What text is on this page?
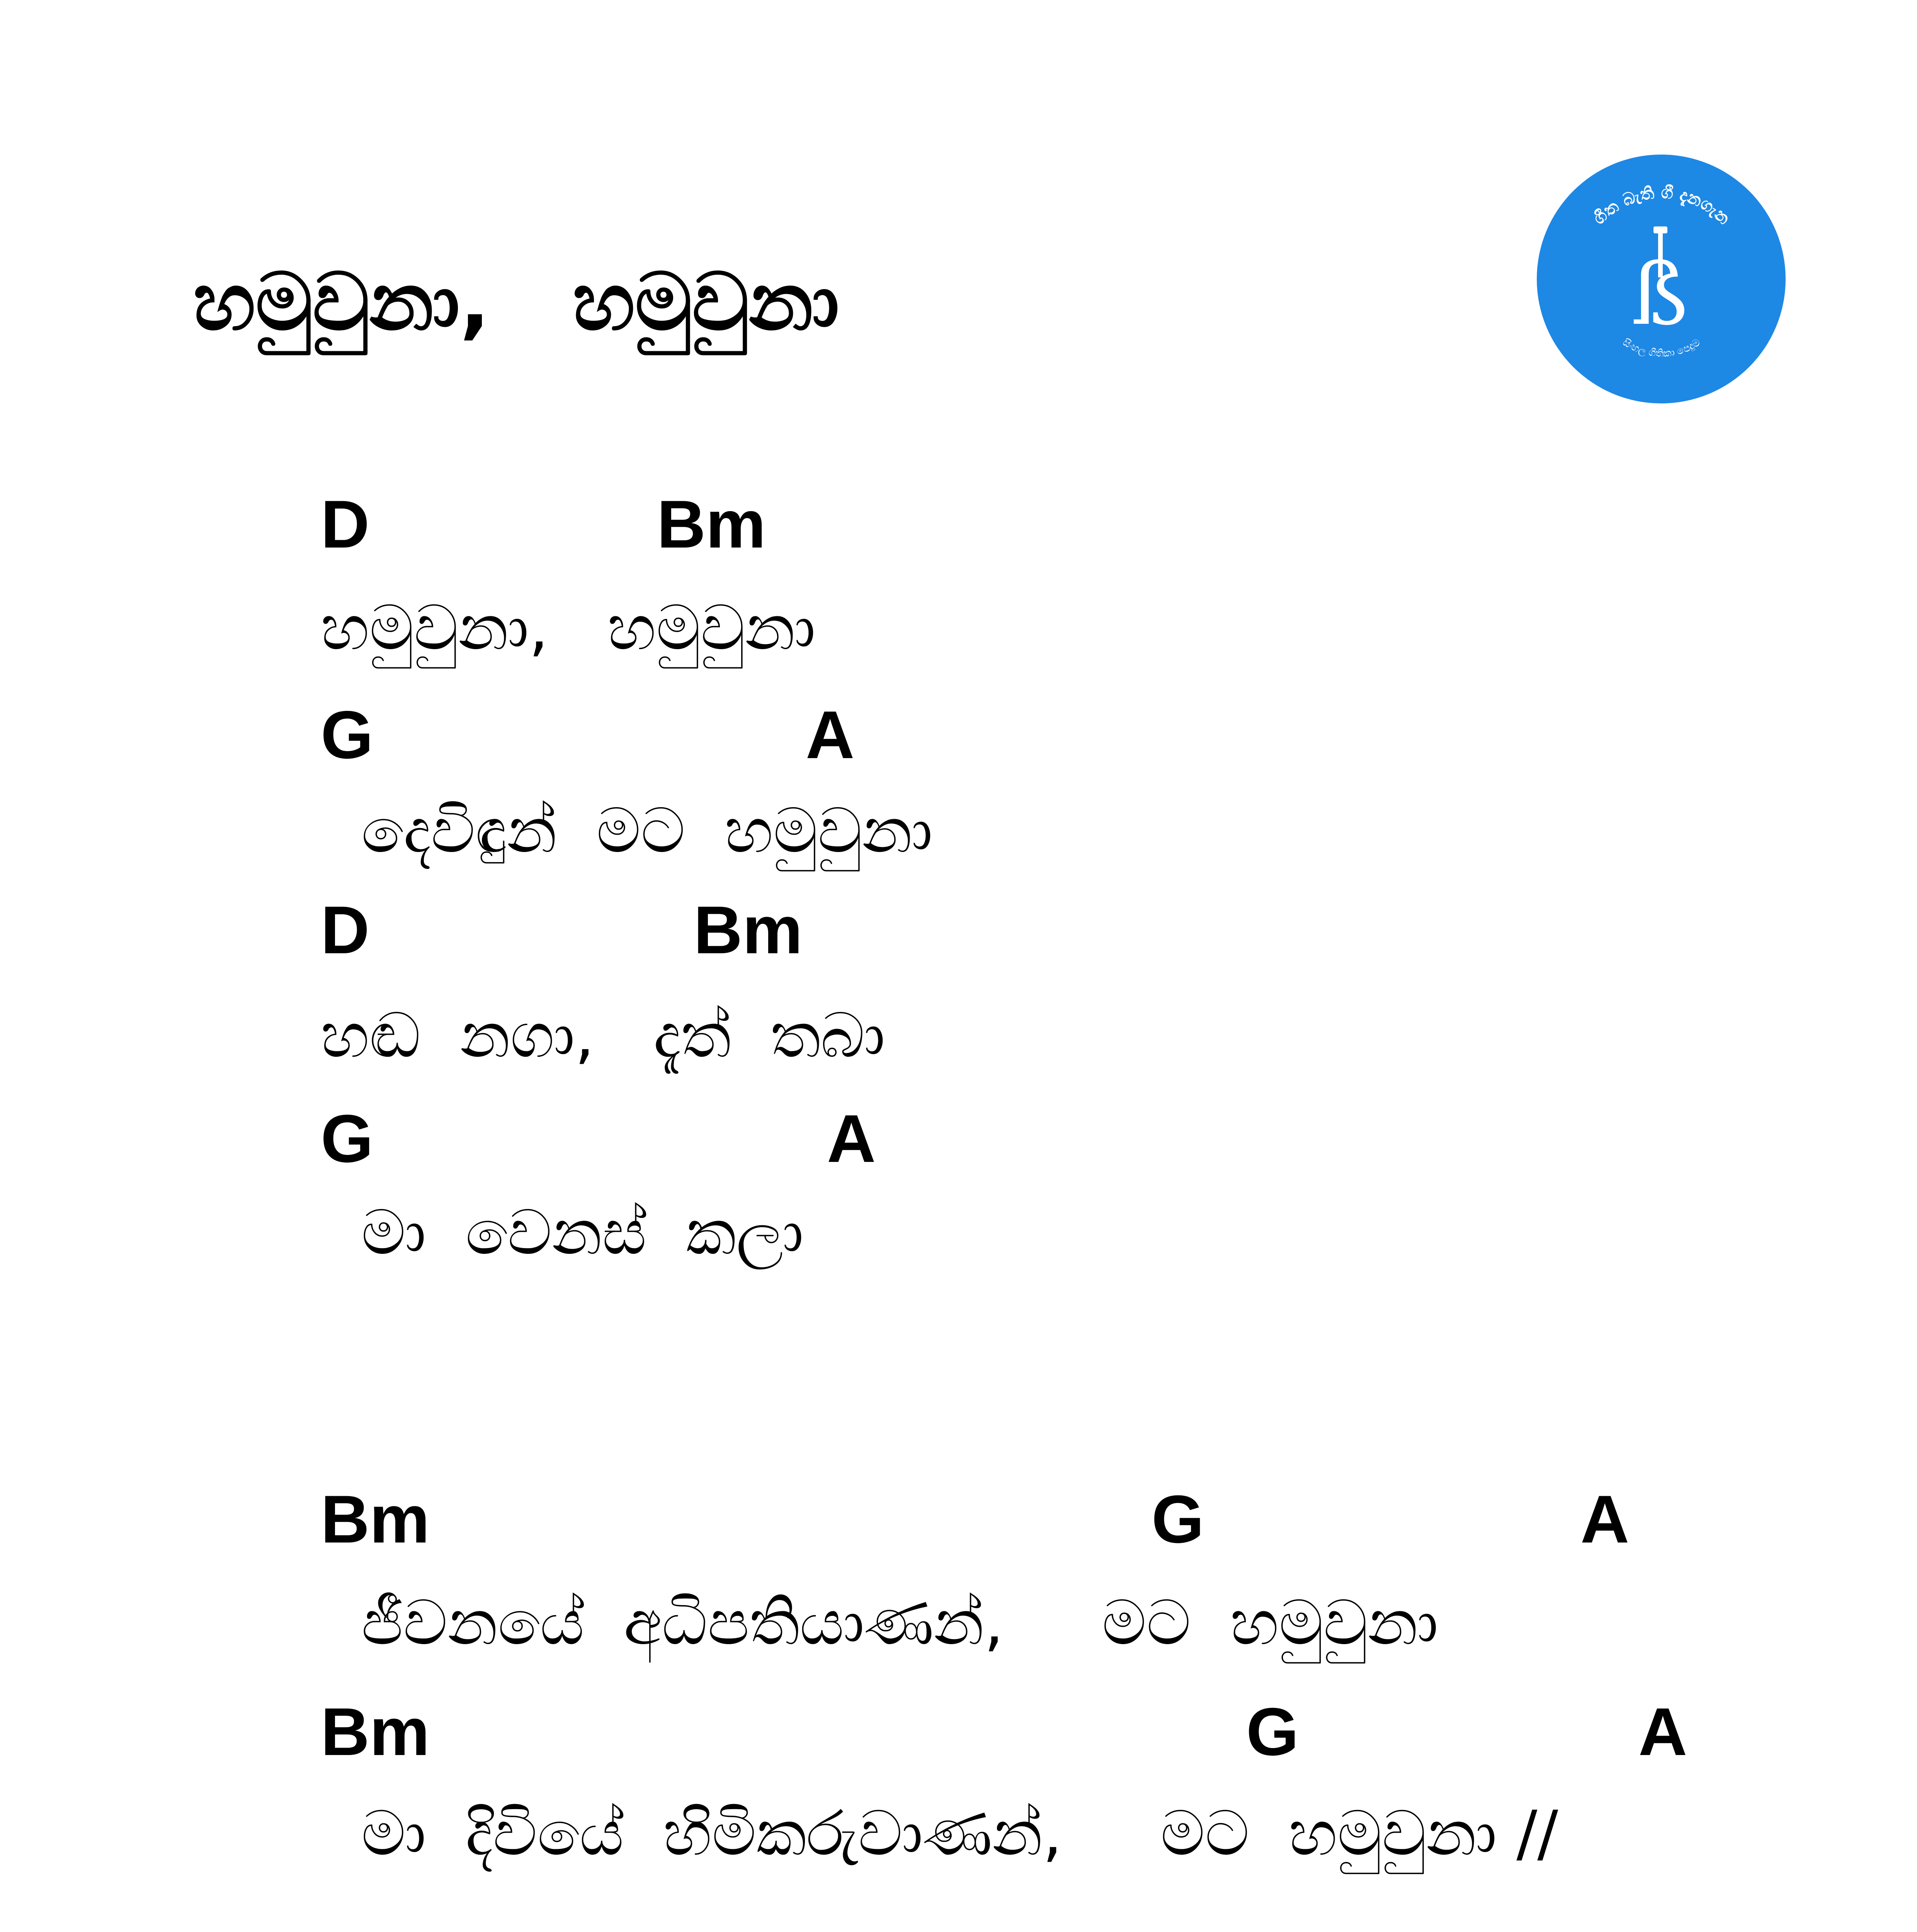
හමුවුනා,   හමුවුනා
ගීත බැති ගී දැනගැන
සිංහල ගීතිකා පෙදුම
ß
D	Bm
හමුවුනා,   හමුවුනා
G	A
දෙවිඳුන්  මට  හමුවුනා
D	Bm
හඬ  නගා,   දැත්  තබා
G	A
මා  වෙනස්  කලා
Bm	G	A
ජීවනයේ  අධිපතියාණන්,     මට  හමුවුනා
Bm	G	A
මා  දිවියේ  හිමිකරුවාණන්,     මට  හමුවුනා //
